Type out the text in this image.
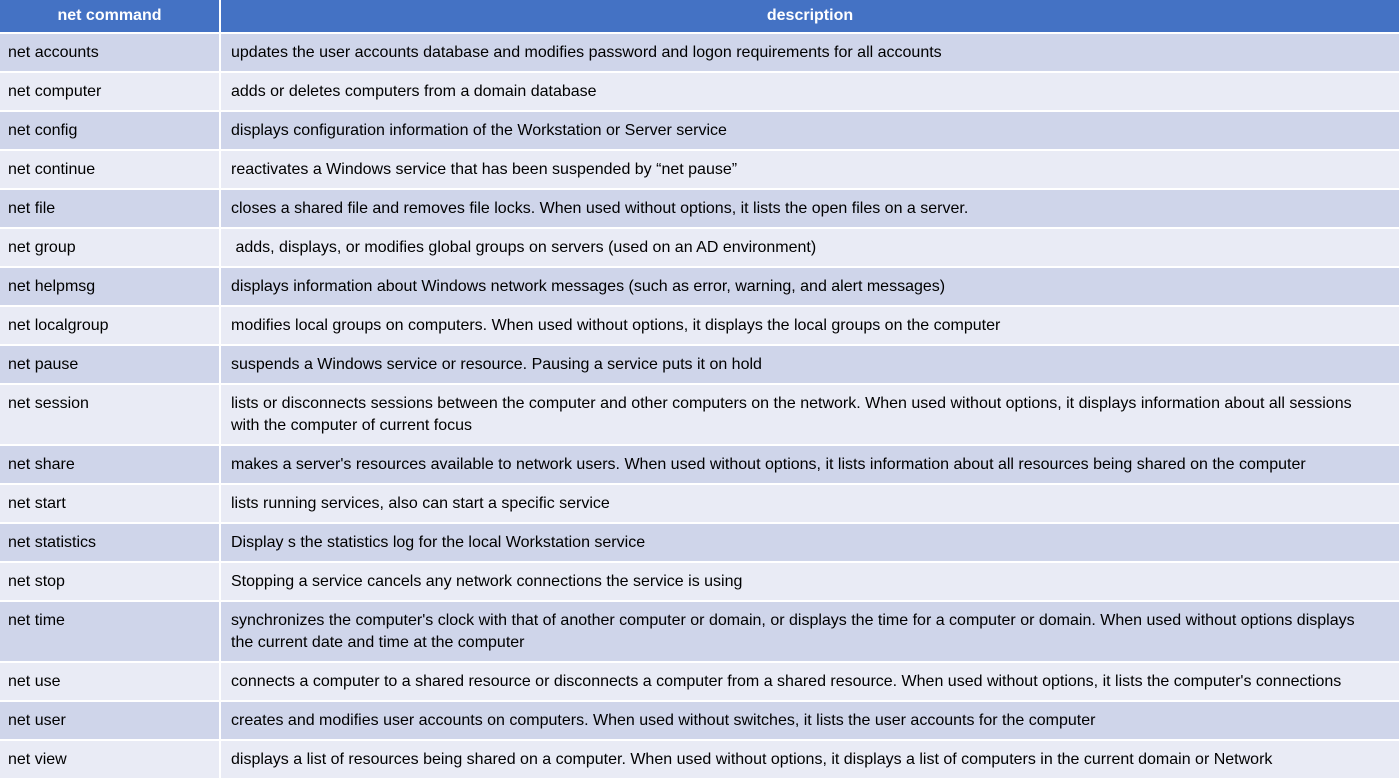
net command	description
net accounts	updates the user accounts database and modifies password and logon requirements for all accounts
net computer	adds or deletes computers from a domain database
net config	displays configuration information of the Workstation or Server service
net continue	reactivates a Windows service that has been suspended by “net pause”
net file	closes a shared file and removes file locks. When used without options, it lists the open files on a server.
net group	adds, displays, or modifies global groups on servers (used on an AD environment)
net helpmsg	displays information about Windows network messages (such as error, warning, and alert messages)
net localgroup	modifies local groups on computers. When used without options, it displays the local groups on the computer
net pause	suspends a Windows service or resource. Pausing a service puts it on hold
net session	lists or disconnects sessions between the computer and other computers on the network. When used without options, it displays information about all sessions with the computer of current focus
net share	makes a server's resources available to network users. When used without options, it lists information about all resources being shared on the computer
net start	lists running services, also can start a specific service
net statistics	Display s the statistics log for the local Workstation service
net stop	Stopping a service cancels any network connections the service is using
net time	synchronizes the computer's clock with that of another computer or domain, or displays the time for a computer or domain. When used without options displays the current date and time at the computer
net use	connects a computer to a shared resource or disconnects a computer from a shared resource. When used without options, it lists the computer's connections
net user	creates and modifies user accounts on computers. When used without switches, it lists the user accounts for the computer
net view	displays a list of resources being shared on a computer. When used without options, it displays a list of computers in the current domain or Network
